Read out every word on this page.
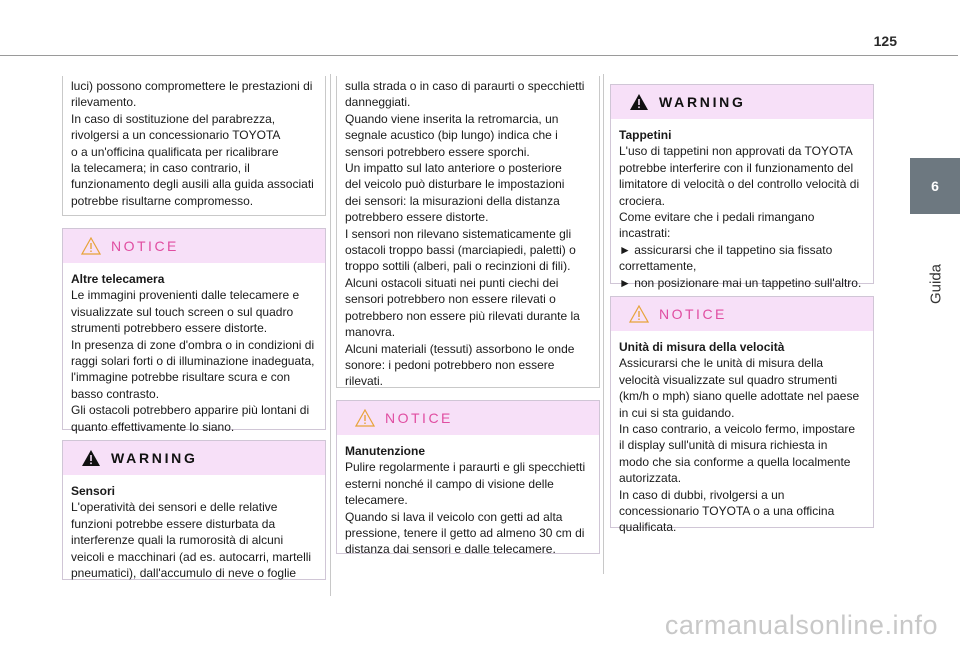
125
6
Guida

luci) possono compromettere le prestazioni di

rilevamento.

In caso di sostituzione del parabrezza,

rivolgersi a un concessionario TOYOTA

o a un'officina qualificata per ricalibrare

la telecamera; in caso contrario, il

funzionamento degli ausili alla guida associati

potrebbe risultarne compromesso.

NOTICE

Altre telecamera

Le immagini provenienti dalle telecamere e

visualizzate sul touch screen o sul quadro

strumenti potrebbero essere distorte.

In presenza di zone d'ombra o in condizioni di

raggi solari forti o di illuminazione inadeguata,

l'immagine potrebbe risultare scura e con

basso contrasto.

Gli ostacoli potrebbero apparire più lontani di

quanto effettivamente lo siano.

WARNING

Sensori

L'operatività dei sensori e delle relative

funzioni potrebbe essere disturbata da

interferenze quali la rumorosità di alcuni

veicoli e macchinari (ad es. autocarri, martelli

pneumatici), dall'accumulo di neve o foglie

sulla strada o in caso di paraurti o specchietti

danneggiati.

Quando viene inserita la retromarcia, un

segnale acustico (bip lungo) indica che i

sensori potrebbero essere sporchi.

Un impatto sul lato anteriore o posteriore

del veicolo può disturbare le impostazioni

dei sensori: la misurazioni della distanza

potrebbero essere distorte.

I sensori non rilevano sistematicamente gli

ostacoli troppo bassi (marciapiedi, paletti) o

troppo sottili (alberi, pali o recinzioni di fili).

Alcuni ostacoli situati nei punti ciechi dei

sensori potrebbero non essere rilevati o

potrebbero non essere più rilevati durante la

manovra.

Alcuni materiali (tessuti) assorbono le onde

sonore: i pedoni potrebbero non essere

rilevati.

NOTICE

Manutenzione

Pulire regolarmente i paraurti e gli specchietti

esterni nonché il campo di visione delle

telecamere.

Quando si lava il veicolo con getti ad alta

pressione, tenere il getto ad almeno 30 cm di

distanza dai sensori e dalle telecamere.

WARNING

Tappetini

L'uso di tappetini non approvati da TOYOTA

potrebbe interferire con il funzionamento del

limitatore di velocità o del controllo velocità di

crociera.

Come evitare che i pedali rimangano

incastrati:

► assicurarsi che il tappetino sia fissato

correttamente,

► non posizionare mai un tappetino sull'altro.

NOTICE

Unità di misura della velocità

Assicurarsi che le unità di misura della

velocità visualizzate sul quadro strumenti

(km/h o mph) siano quelle adottate nel paese

in cui si sta guidando.

In caso contrario, a veicolo fermo, impostare

il display sull'unità di misura richiesta in

modo che sia conforme a quella localmente

autorizzata.

In caso di dubbi, rivolgersi a un

concessionario TOYOTA o a una officina

qualificata.

carmanualsonline.info
